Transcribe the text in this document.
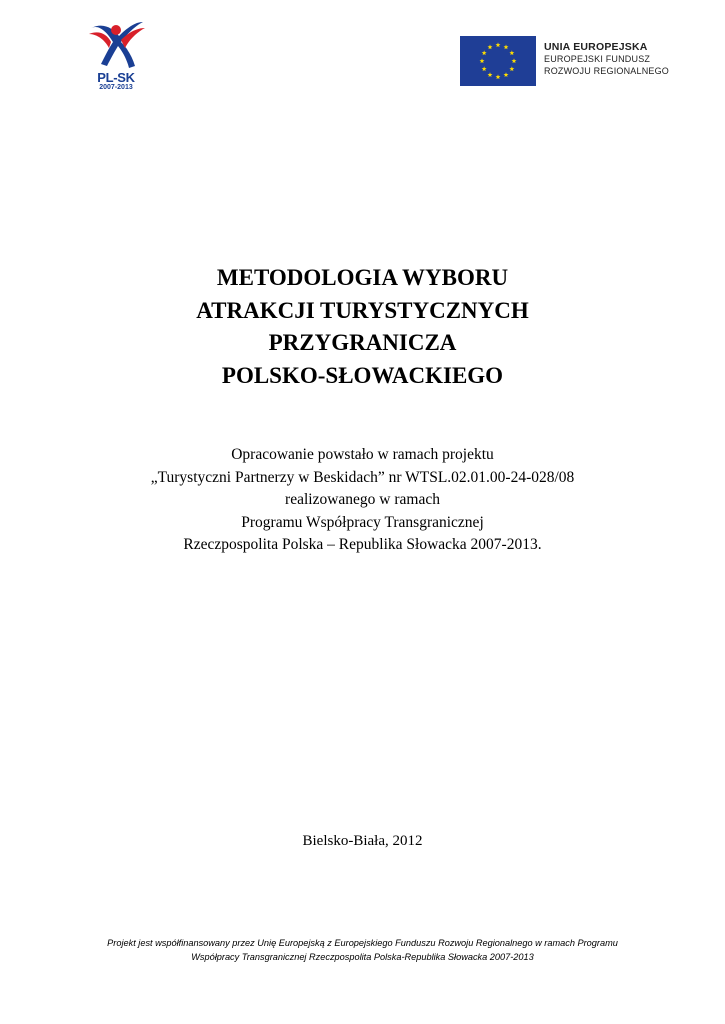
PL-SK
2007-2013
UNIA EUROPEJSKA
EUROPEJSKI FUNDUSZ
ROZWOJU REGIONALNEGO
METODOLOGIA WYBORU
ATRAKCJI TURYSTYCZNYCH
PRZYGRANICZA
POLSKO-SŁOWACKIEGO
Opracowanie powstało w ramach projektu
„Turystyczni Partnerzy w Beskidach” nr WTSL.02.01.00-24-028/08
realizowanego w ramach
Programu Współpracy Transgranicznej
Rzeczpospolita Polska – Republika Słowacka 2007-2013.
Bielsko-Biała, 2012
Projekt jest współfinansowany przez Unię Europejską z Europejskiego Funduszu Rozwoju Regionalnego w ramach Programu
Współpracy Transgranicznej Rzeczpospolita Polska-Republika Słowacka 2007-2013
